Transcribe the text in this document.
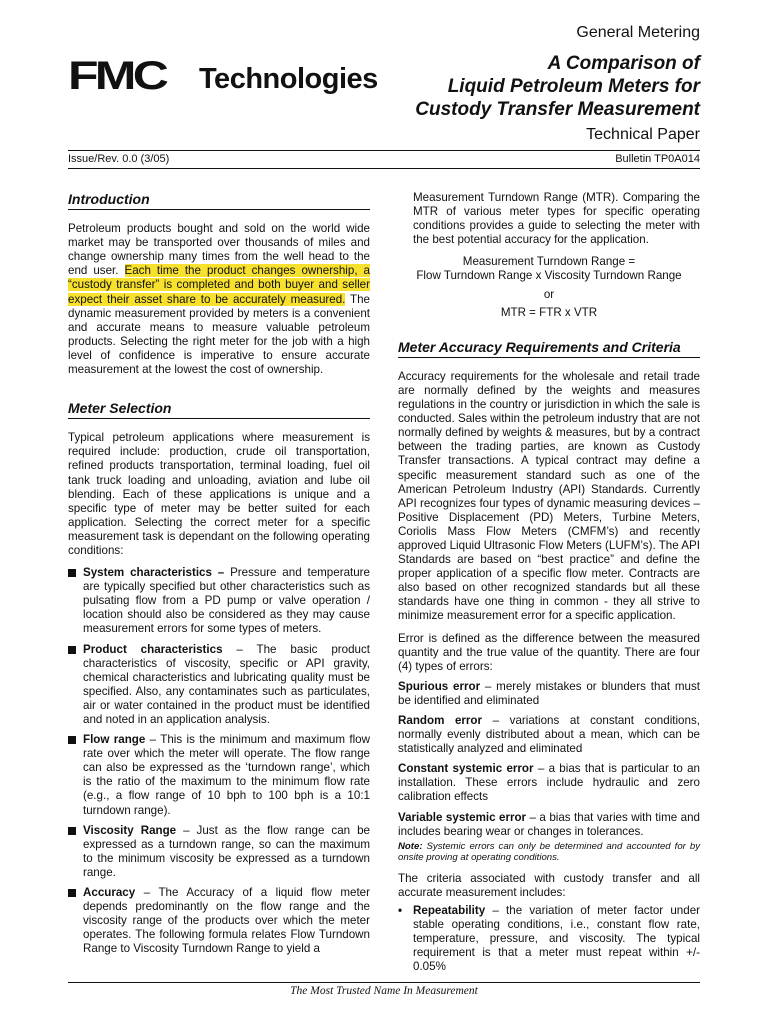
FMC Technologies
General Metering
A Comparison of
Liquid Petroleum Meters for
Custody Transfer Measurement
Technical Paper
Issue/Rev. 0.0 (3/05)	Bulletin TP0A014
Introduction

Petroleum products bought and sold on the world wide market may be transported over thousands of miles and change ownership many times from the well head to the end user. Each time the product changes ownership, a “custody transfer” is completed and both buyer and seller expect their asset share to be accurately measured. The dynamic measurement provided by meters is a convenient and accurate means to measure valuable petroleum products. Selecting the right meter for the job with a high level of confidence is imperative to ensure accurate measurement at the lowest the cost of ownership.

Meter Selection

Typical petroleum applications where measurement is required include: production, crude oil transportation, refined products transportation, terminal loading, fuel oil tank truck loading and unloading, aviation and lube oil blending. Each of these applications is unique and a specific type of meter may be better suited for each application. Selecting the correct meter for a specific measurement task is dependant on the following operating conditions:

System characteristics – Pressure and temperature are typically specified but other characteristics such as pulsating flow from a PD pump or valve operation / location should also be considered as they may cause measurement errors for some types of meters.
Product characteristics – The basic product characteristics of viscosity, specific or API gravity, chemical characteristics and lubricating quality must be specified. Also, any contaminates such as particulates, air or water contained in the product must be identified and noted in an application analysis.
Flow range – This is the minimum and maximum flow rate over which the meter will operate. The flow range can also be expressed as the ‘turndown range’, which is the ratio of the maximum to the minimum flow rate (e.g., a flow range of 10 bph to 100 bph is a 10:1 turndown range).
Viscosity Range – Just as the flow range can be expressed as a turndown range, so can the maximum to the minimum viscosity be expressed as a turndown range.
Accuracy – The Accuracy of a liquid flow meter depends predominantly on the flow range and the viscosity range of the products over which the meter operates. The following formula relates Flow Turndown Range to Viscosity Turndown Range to yield a

Measurement Turndown Range (MTR). Comparing the MTR of various meter types for specific operating conditions provides a guide to selecting the meter with the best potential accuracy for the application.

Measurement Turndown Range =

Flow Turndown Range x Viscosity Turndown Range

or

MTR = FTR x VTR

Meter Accuracy Requirements and Criteria

Accuracy requirements for the wholesale and retail trade are normally defined by the weights and measures regulations in the country or jurisdiction in which the sale is conducted. Sales within the petroleum industry that are not normally defined by weights & measures, but by a contract between the trading parties, are known as Custody Transfer transactions. A typical contract may define a specific measurement standard such as one of the American Petroleum Industry (API) Standards. Currently API recognizes four types of dynamic measuring devices – Positive Displacement (PD) Meters, Turbine Meters, Coriolis Mass Flow Meters (CMFM’s) and recently approved Liquid Ultrasonic Flow Meters (LUFM’s). The API Standards are based on “best practice” and define the proper application of a specific flow meter. Contracts are also based on other recognized standards but all these standards have one thing in common - they all strive to minimize measurement error for a specific application.

Error is defined as the difference between the measured quantity and the true value of the quantity. There are four (4) types of errors:

Spurious error – merely mistakes or blunders that must be identified and eliminated

Random error – variations at constant conditions, normally evenly distributed about a mean, which can be statistically analyzed and eliminated

Constant systemic error – a bias that is particular to an installation. These errors include hydraulic and zero calibration effects

Variable systemic error – a bias that varies with time and includes bearing wear or changes in tolerances.

Note: Systemic errors can only be determined and accounted for by onsite proving at operating conditions.

The criteria associated with custody transfer and all accurate measurement includes:

• Repeatability – the variation of meter factor under stable operating conditions, i.e., constant flow rate, temperature, pressure, and viscosity. The typical requirement is that a meter must repeat within +/- 0.05%
The Most Trusted Name In Measurement
